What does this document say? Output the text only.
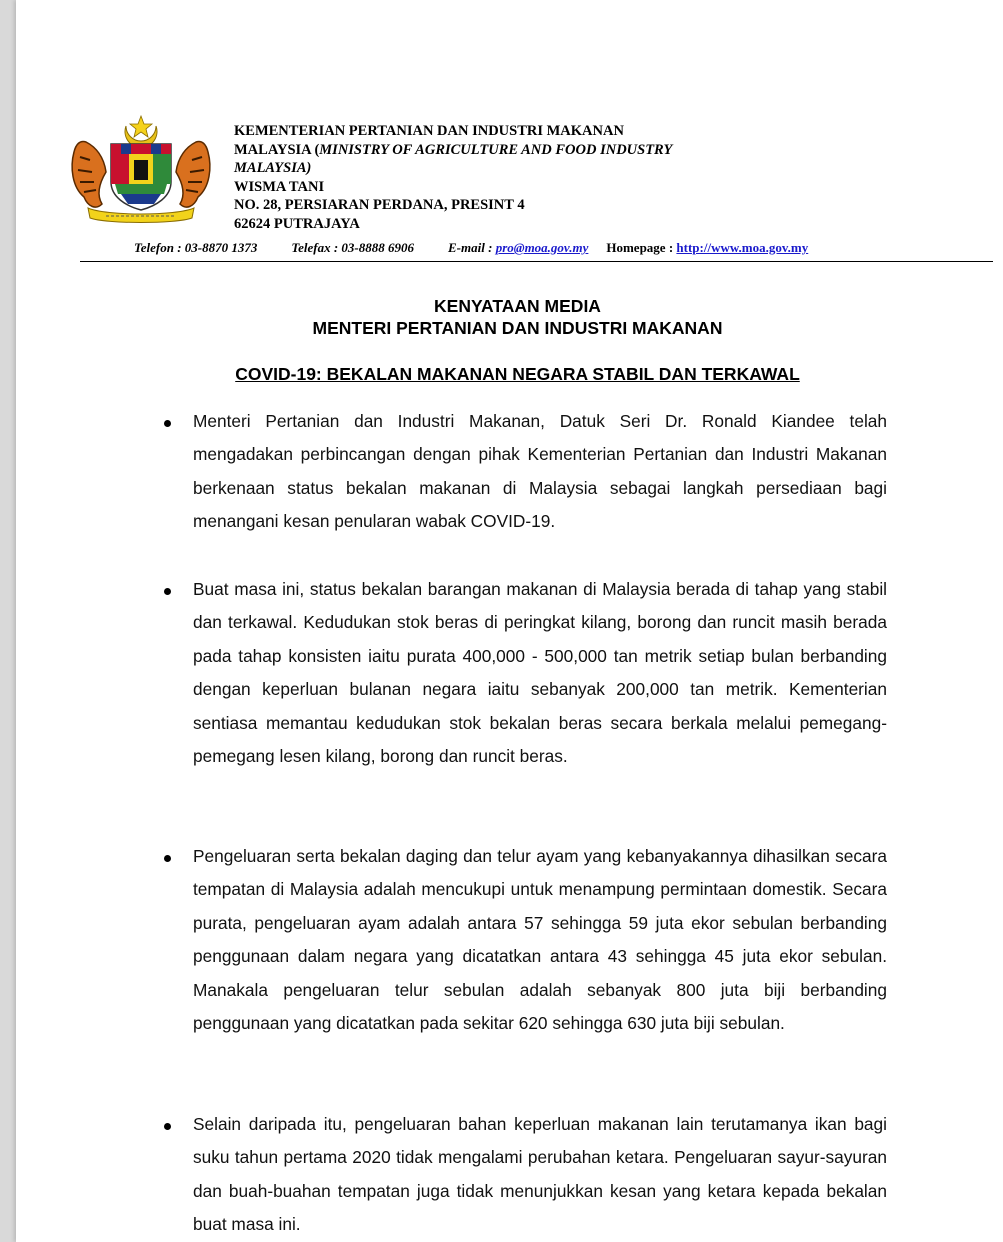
KEMENTERIAN PERTANIAN DAN INDUSTRI MAKANAN
MALAYSIA (MINISTRY OF AGRICULTURE AND FOOD INDUSTRY
MALAYSIA)
WISMA TANI
NO. 28, PERSIARAN PERDANA, PRESINT 4
62624 PUTRAJAYA
Telefon : 03-8870 1373	Telefax : 03-8888 6906	E-mail : pro@moa.gov.my Homepage : http://www.moa.gov.my
KENYATAAN MEDIA
MENTERI PERTANIAN DAN INDUSTRI MAKANAN
COVID-19: BEKALAN MAKANAN NEGARA STABIL DAN TERKAWAL
Menteri Pertanian dan Industri Makanan, Datuk Seri Dr. Ronald Kiandee telah mengadakan perbincangan dengan pihak Kementerian Pertanian dan Industri Makanan berkenaan status bekalan makanan di Malaysia sebagai langkah persediaan bagi menangani kesan penularan wabak COVID-19.
Buat masa ini, status bekalan barangan makanan di Malaysia berada di tahap yang stabil dan terkawal. Kedudukan stok beras di peringkat kilang, borong dan runcit masih berada pada tahap konsisten iaitu purata 400,000 - 500,000 tan metrik setiap bulan berbanding dengan keperluan bulanan negara iaitu sebanyak 200,000 tan metrik. Kementerian sentiasa memantau kedudukan stok bekalan beras secara berkala melalui pemegang-pemegang lesen kilang, borong dan runcit beras.
Pengeluaran serta bekalan daging dan telur ayam yang kebanyakannya dihasilkan secara tempatan di Malaysia adalah mencukupi untuk menampung permintaan domestik. Secara purata, pengeluaran ayam adalah antara 57 sehingga 59 juta ekor sebulan berbanding penggunaan dalam negara yang dicatatkan antara 43 sehingga 45 juta ekor sebulan. Manakala pengeluaran telur sebulan adalah sebanyak 800 juta biji berbanding penggunaan yang dicatatkan pada sekitar 620 sehingga 630 juta biji sebulan.
Selain daripada itu, pengeluaran bahan keperluan makanan lain terutamanya ikan bagi suku tahun pertama 2020 tidak mengalami perubahan ketara. Pengeluaran sayur-sayuran dan buah-buahan tempatan juga tidak menunjukkan kesan yang ketara kepada bekalan buat masa ini.
